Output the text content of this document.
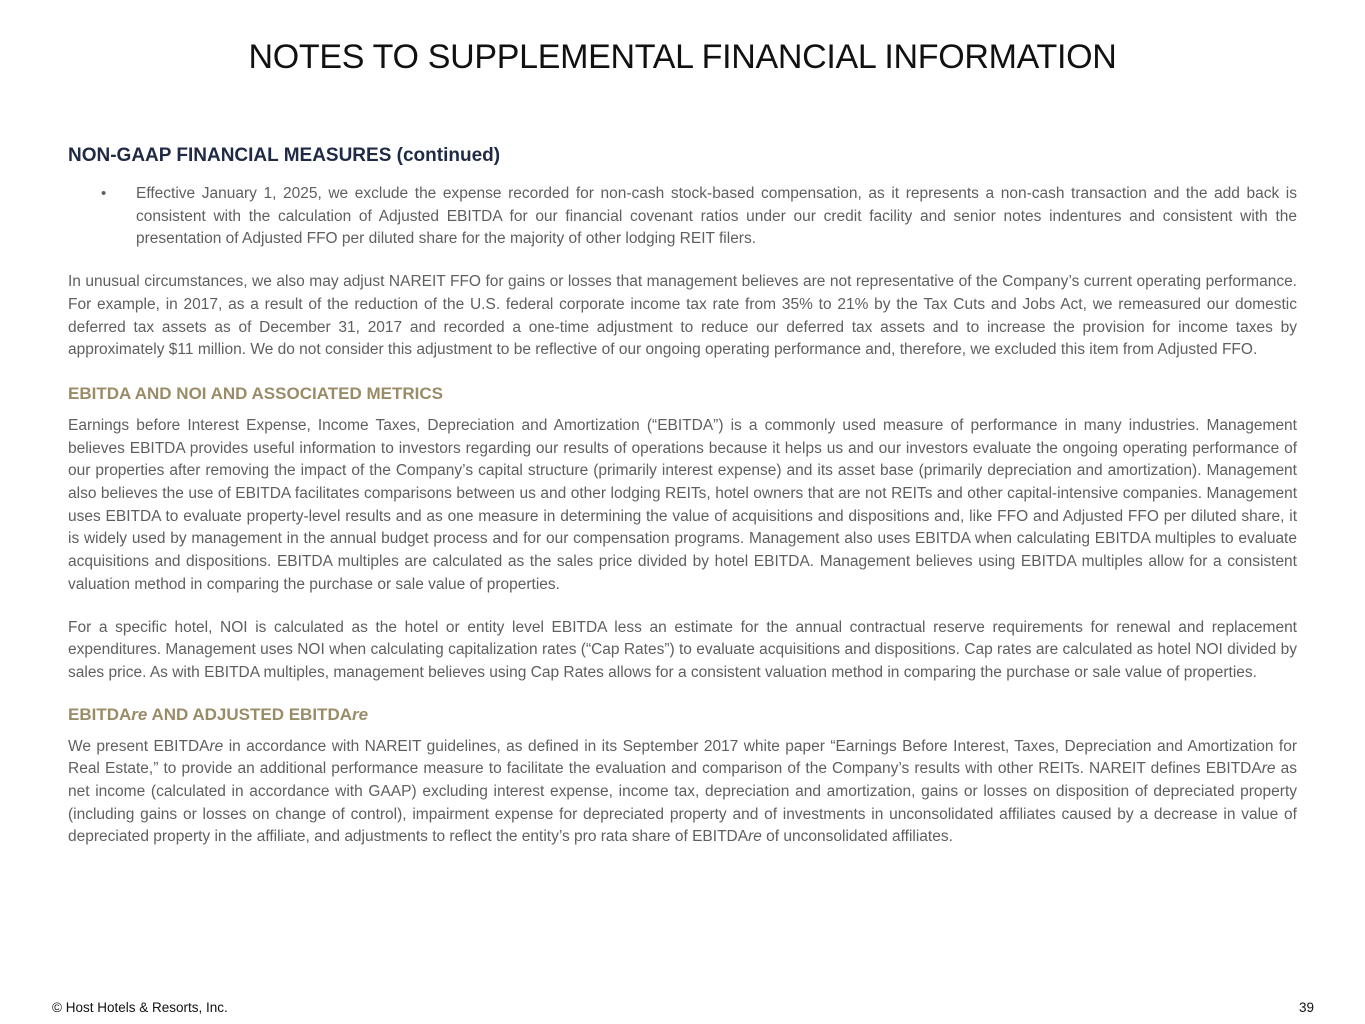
NOTES TO SUPPLEMENTAL FINANCIAL INFORMATION
NON-GAAP FINANCIAL MEASURES (continued)
• Effective January 1, 2025, we exclude the expense recorded for non-cash stock-based compensation, as it represents a non-cash transaction and the add back is consistent with the calculation of Adjusted EBITDA for our financial covenant ratios under our credit facility and senior notes indentures and consistent with the presentation of Adjusted FFO per diluted share for the majority of other lodging REIT filers.

In unusual circumstances, we also may adjust NAREIT FFO for gains or losses that management believes are not representative of the Company’s current operating performance. For example, in 2017, as a result of the reduction of the U.S. federal corporate income tax rate from 35% to 21% by the Tax Cuts and Jobs Act, we remeasured our domestic deferred tax assets as of December 31, 2017 and recorded a one-time adjustment to reduce our deferred tax assets and to increase the provision for income taxes by approximately $11 million. We do not consider this adjustment to be reflective of our ongoing operating performance and, therefore, we excluded this item from Adjusted FFO.

EBITDA AND NOI AND ASSOCIATED METRICS

Earnings before Interest Expense, Income Taxes, Depreciation and Amortization (“EBITDA”) is a commonly used measure of performance in many industries. Management believes EBITDA provides useful information to investors regarding our results of operations because it helps us and our investors evaluate the ongoing operating performance of our properties after removing the impact of the Company’s capital structure (primarily interest expense) and its asset base (primarily depreciation and amortization). Management also believes the use of EBITDA facilitates comparisons between us and other lodging REITs, hotel owners that are not REITs and other capital-intensive companies. Management uses EBITDA to evaluate property-level results and as one measure in determining the value of acquisitions and dispositions and, like FFO and Adjusted FFO per diluted share, it is widely used by management in the annual budget process and for our compensation programs. Management also uses EBITDA when calculating EBITDA multiples to evaluate acquisitions and dispositions. EBITDA multiples are calculated as the sales price divided by hotel EBITDA. Management believes using EBITDA multiples allow for a consistent valuation method in comparing the purchase or sale value of properties.

For a specific hotel, NOI is calculated as the hotel or entity level EBITDA less an estimate for the annual contractual reserve requirements for renewal and replacement expenditures. Management uses NOI when calculating capitalization rates (“Cap Rates”) to evaluate acquisitions and dispositions. Cap rates are calculated as hotel NOI divided by sales price. As with EBITDA multiples, management believes using Cap Rates allows for a consistent valuation method in comparing the purchase or sale value of properties.

EBITDAre AND ADJUSTED EBITDAre

We present EBITDAre in accordance with NAREIT guidelines, as defined in its September 2017 white paper “Earnings Before Interest, Taxes, Depreciation and Amortization for Real Estate,” to provide an additional performance measure to facilitate the evaluation and comparison of the Company’s results with other REITs. NAREIT defines EBITDAre as net income (calculated in accordance with GAAP) excluding interest expense, income tax, depreciation and amortization, gains or losses on disposition of depreciated property (including gains or losses on change of control), impairment expense for depreciated property and of investments in unconsolidated affiliates caused by a decrease in value of depreciated property in the affiliate, and adjustments to reflect the entity’s pro rata share of EBITDAre of unconsolidated affiliates.

© Host Hotels & Resorts, Inc.	39
